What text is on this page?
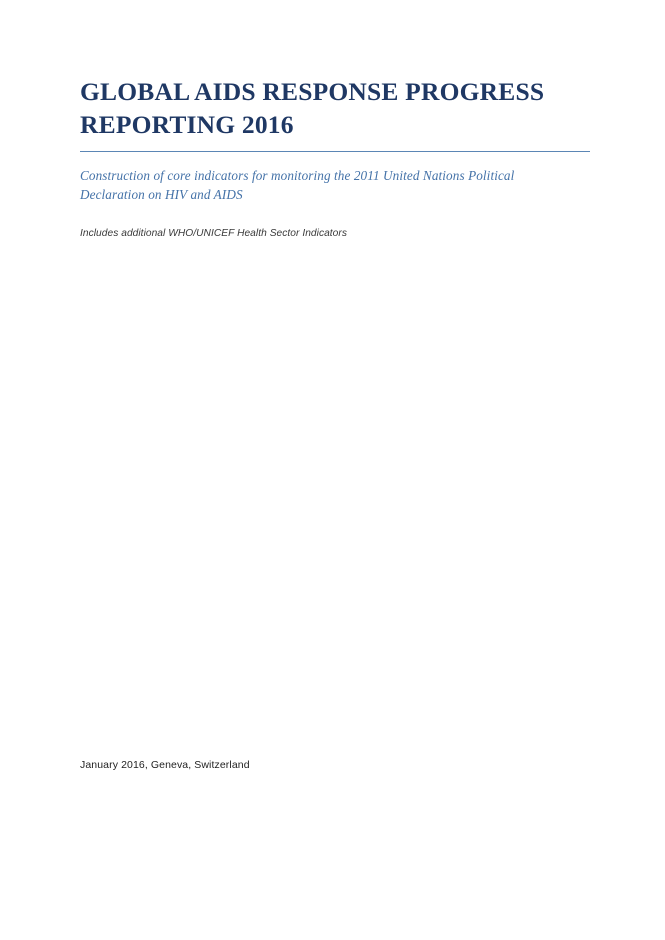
GLOBAL AIDS RESPONSE PROGRESS REPORTING 2016

Construction of core indicators for monitoring the 2011 United Nations Political Declaration on HIV and AIDS

Includes additional WHO/UNICEF Health Sector Indicators

January 2016, Geneva, Switzerland
